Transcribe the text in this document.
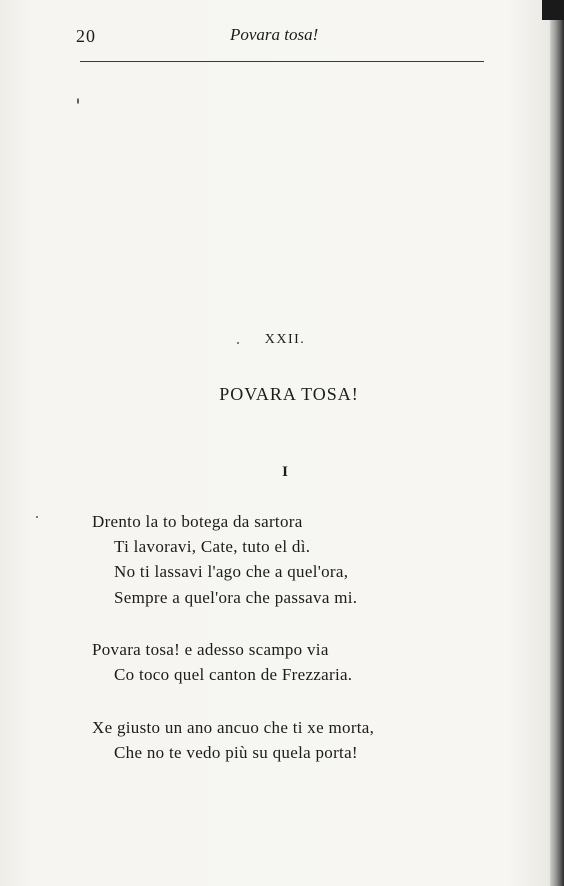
20	Povara tosa!
XXII.
POVARA TOSA!
I
Drento la to botega da sartora
Ti lavoravi, Cate, tuto el dì.
No ti lassavi l'ago che a quel'ora,
Sempre a quel'ora che passava mi.
Povara tosa! e adesso scampo via
Co toco quel canton de Frezzaria.
Xe giusto un ano ancuo che ti xe morta,
Che no te vedo più su quela porta!
